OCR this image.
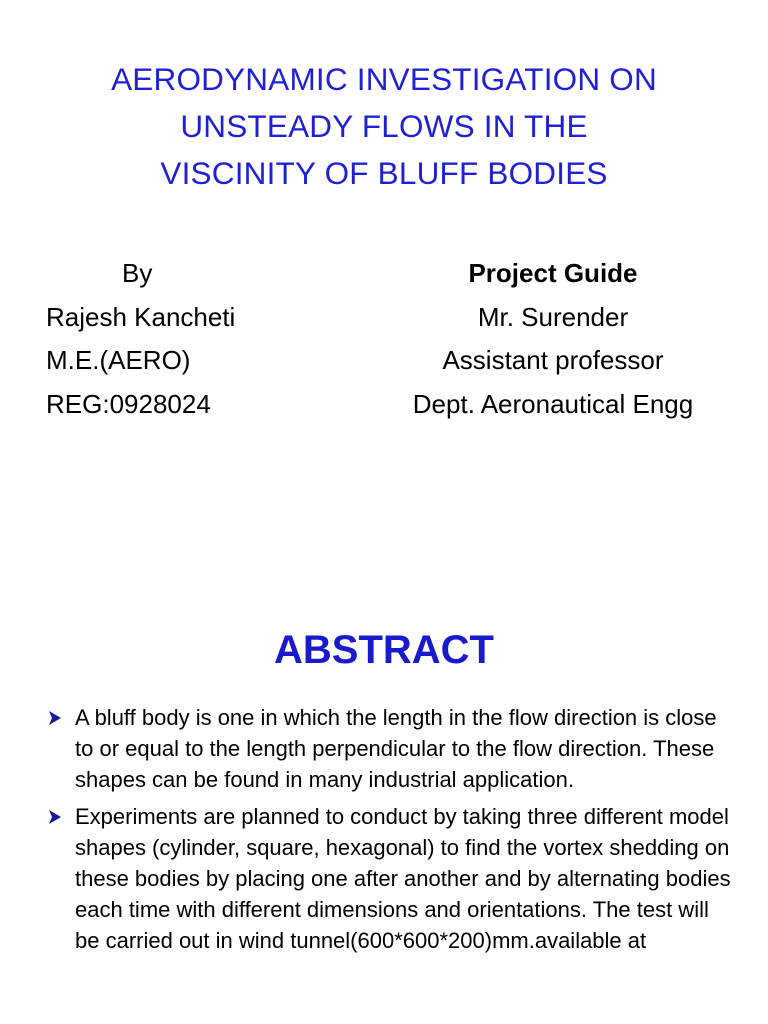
AERODYNAMIC INVESTIGATION ON
UNSTEADY FLOWS IN THE
VISCINITY OF BLUFF BODIES
By
Rajesh Kancheti
M.E.(AERO)
REG:0928024
Project Guide
Mr. Surender
Assistant professor
Dept. Aeronautical Engg
ABSTRACT
A bluff body is one in which the length in the flow direction is close to or equal to the length perpendicular to the flow direction. These shapes can be found in many industrial application.
Experiments are planned to conduct by taking three different model shapes (cylinder, square, hexagonal) to find the vortex shedding on these bodies by placing one after another and by alternating bodies each time with different dimensions and orientations. The test will be carried out in wind tunnel(600*600*200)mm.available at
